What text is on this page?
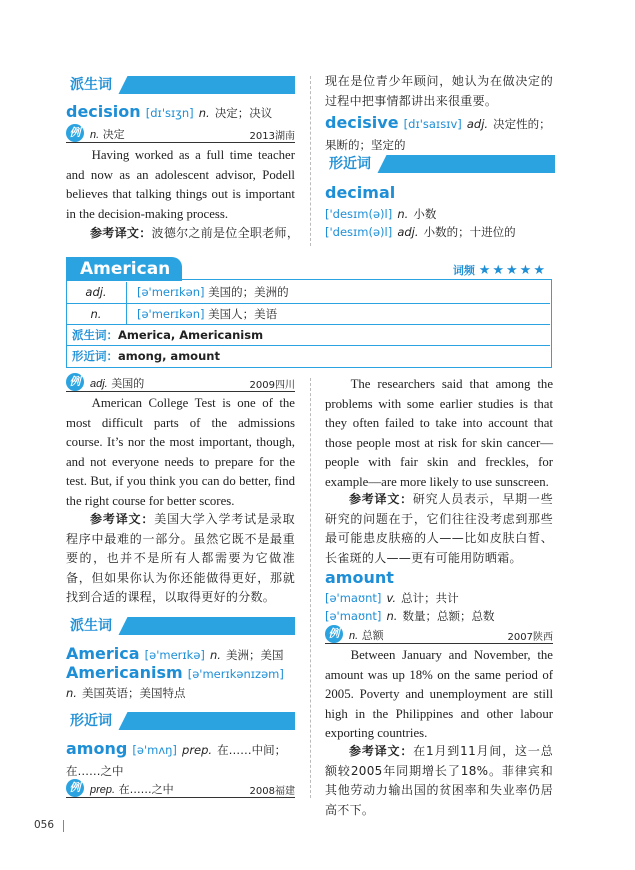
派生词
decision [dɪ'sɪʒn] n. 决定；决议
例 n. 决定	2013湖南
Having worked as a full time teacher and now as an adolescent advisor, Podell believes that talking things out is important in the decision-making process.
参考译文：波德尔之前是位全职老师，
现在是位青少年顾问，她认为在做决定的过程中把事情都讲出来很重要。
decisive [dɪ'saɪsɪv] adj. 决定性的；果断的；坚定的
形近词
decimal
['desɪm(ə)l] n. 小数
['desɪm(ə)l] adj. 小数的；十进位的
American	词频 ★★★★★
adj.	[ə'merɪkən] 美国的；美洲的
n.	[ə'merɪkən] 美国人；美语
派生词：America, Americanism
形近词：among, amount
例 adj. 美国的	2009四川
American College Test is one of the most difficult parts of the admissions course. It’s nor the most important, though, and not everyone needs to prepare for the test. But, if you think you can do better, find the right course for better scores.
参考译文：美国大学入学考试是录取程序中最难的一部分。虽然它既不是最重要的，也并不是所有人都需要为它做准备，但如果你认为你还能做得更好，那就找到合适的课程，以取得更好的分数。
派生词
America [ə'merɪkə] n. 美洲；美国
Americanism [ə'merɪkənɪzəm] n. 美国英语；美国特点
形近词
among [ə'mʌŋ] prep. 在……中间；在……之中
例 prep. 在……之中	2008福建
The researchers said that among the problems with some earlier studies is that they often failed to take into account that those people most at risk for skin cancer—people with fair skin and freckles, for example—are more likely to use sunscreen.
参考译文：研究人员表示，早期一些研究的问题在于，它们往往没考虑到那些最可能患皮肤癌的人——比如皮肤白皙、长雀斑的人——更有可能用防晒霜。
amount
[ə'maʊnt] v. 总计；共计
[ə'maʊnt] n. 数量；总额；总数
例 n. 总额	2007陕西
Between January and November, the amount was up 18% on the same period of 2005. Poverty and unemployment are still high in the Philippines and other labour exporting countries.
参考译文：在1月到11月间，这一总额较2005年同期增长了18%。菲律宾和其他劳动力输出国的贫困率和失业率仍居高不下。
056
